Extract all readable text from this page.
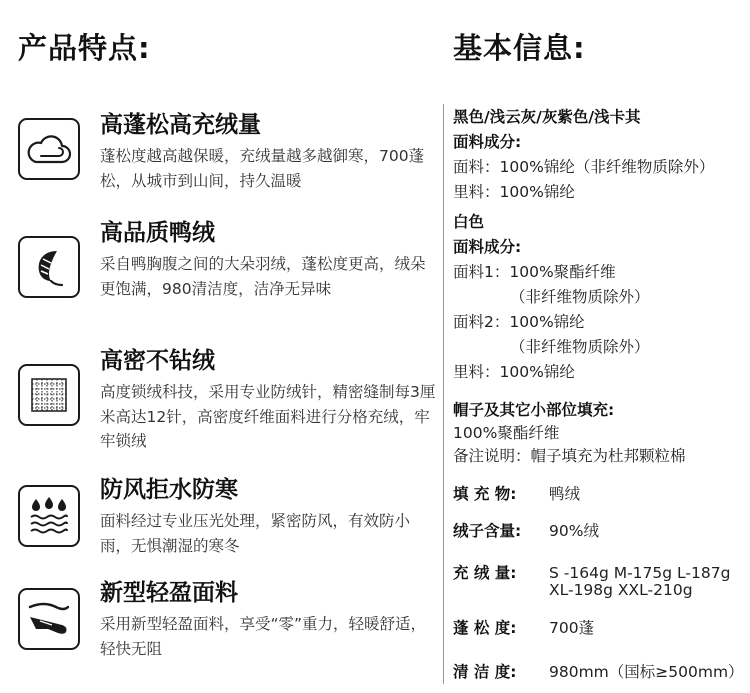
产品特点:	基本信息:
高蓬松高充绒量
蓬松度越高越保暖，充绒量越多越御寒，700蓬松，从城市到山间，持久温暖
高品质鸭绒
采自鸭胸腹之间的大朵羽绒，蓬松度更高，绒朵更饱满，980清洁度，洁净无异味
高密不钻绒
高度锁绒科技，采用专业防绒针，精密缝制每3厘米高达12针，高密度纤维面料进行分格充绒，牢牢锁绒
防风拒水防寒
面料经过专业压光处理，紧密防风，有效防小雨，无惧潮湿的寒冬
新型轻盈面料
采用新型轻盈面料，享受“零”重力，轻暖舒适，轻快无阻
黑色/浅云灰/灰紫色/浅卡其
面料成分:
面料：100%锦纶（非纤维物质除外）
里料：100%锦纶
白色
面料成分:
面料1：100%聚酯纤维
（非纤维物质除外）
面料2：100%锦纶
（非纤维物质除外）
里料：100%锦纶
帽子及其它小部位填充:
100%聚酯纤维
备注说明：帽子填充为杜邦颗粒棉
填 充 物: 鸭绒
绒子含量: 90%绒
充 绒 量: S -164g M-175g L-187g
XL-198g XXL-210g
蓬 松 度: 700蓬
清 洁 度: 980mm（国标≥500mm）
